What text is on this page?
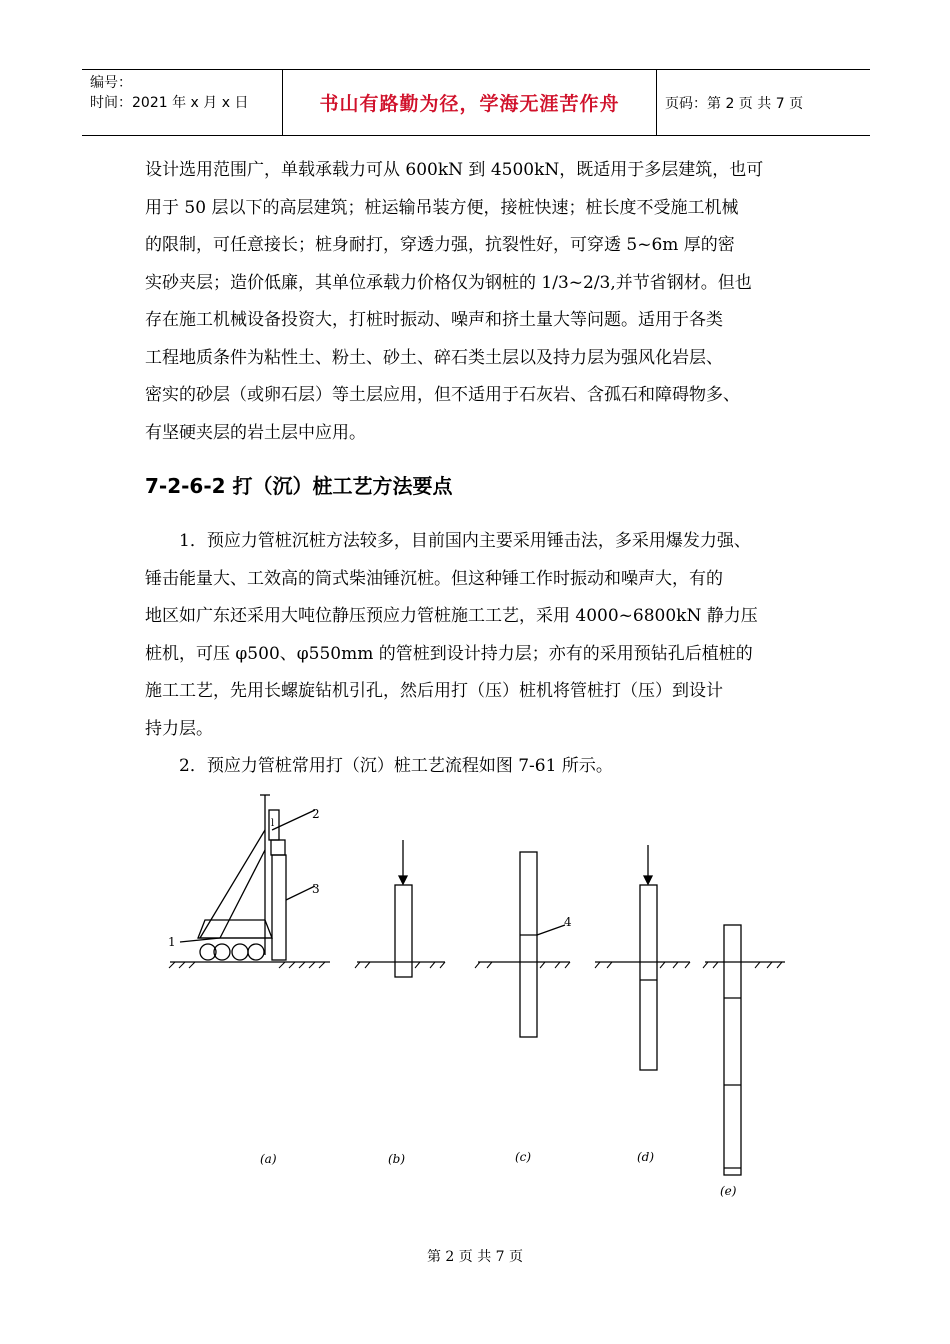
编号：
时间：2021 年 x 月 x 日	书山有路勤为径，学海无涯苦作舟	页码：第 2 页 共 7 页

设计选用范围广，单载承载力可从 600kN 到 4500kN，既适用于多层建筑，也可

用于 50 层以下的高层建筑；桩运输吊装方便，接桩快速；桩长度不受施工机械

的限制，可任意接长；桩身耐打，穿透力强，抗裂性好，可穿透 5~6m 厚的密

实砂夹层；造价低廉，其单位承载力价格仅为钢桩的 1/3~2/3,并节省钢材。但也

存在施工机械设备投资大，打桩时振动、噪声和挤土量大等问题。适用于各类

工程地质条件为粘性土、粉土、砂土、碎石类土层以及持力层为强风化岩层、

密实的砂层（或卵石层）等土层应用，但不适用于石灰岩、含孤石和障碍物多、

有坚硬夹层的岩土层中应用。

7-2-6-2 打（沉）桩工艺方法要点

1．预应力管桩沉桩方法较多，目前国内主要采用锤击法，多采用爆发力强、

锤击能量大、工效高的筒式柴油锤沉桩。但这种锤工作时振动和噪声大，有的

地区如广东还采用大吨位静压预应力管桩施工工艺，采用 4000~6800kN 静力压

桩机，可压 φ500、φ550mm 的管桩到设计持力层；亦有的采用预钻孔后植桩的

施工工艺，先用长螺旋钻机引孔，然后用打（压）桩机将管桩打（压）到设计

持力层。

2．预应力管桩常用打（沉）桩工艺流程如图 7-61 所示。

2
3
1
l
4
(a)	(b)	(c)	(d)
(e)
第 2 页 共 7 页
